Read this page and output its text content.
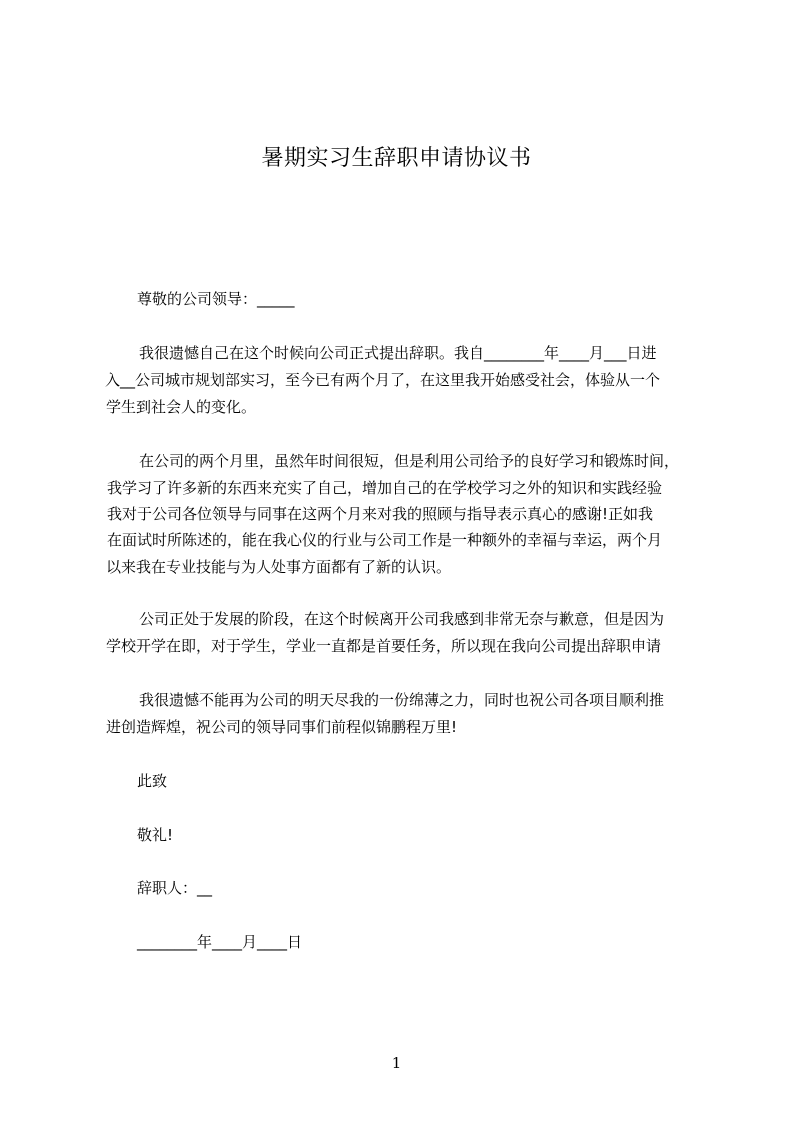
暑期实习生辞职申请协议书
尊敬的公司领导：_____
我很遗憾自己在这个时候向公司正式提出辞职。我自________年____月___日进
入__公司城市规划部实习，至今已有两个月了，在这里我开始感受社会，体验从一个
学生到社会人的变化。
在公司的两个月里，虽然年时间很短，但是利用公司给予的良好学习和锻炼时间，
我学习了许多新的东西来充实了自己，增加自己的在学校学习之外的知识和实践经验
我对于公司各位领导与同事在这两个月来对我的照顾与指导表示真心的感谢!正如我
在面试时所陈述的，能在我心仪的行业与公司工作是一种额外的幸福与幸运，两个月
以来我在专业技能与为人处事方面都有了新的认识。
公司正处于发展的阶段，在这个时候离开公司我感到非常无奈与歉意，但是因为
学校开学在即，对于学生，学业一直都是首要任务，所以现在我向公司提出辞职申请
我很遗憾不能再为公司的明天尽我的一份绵薄之力，同时也祝公司各项目顺利推
进创造辉煌，祝公司的领导同事们前程似锦鹏程万里!
此致
敬礼!
辞职人：__
________年____月____日
1
